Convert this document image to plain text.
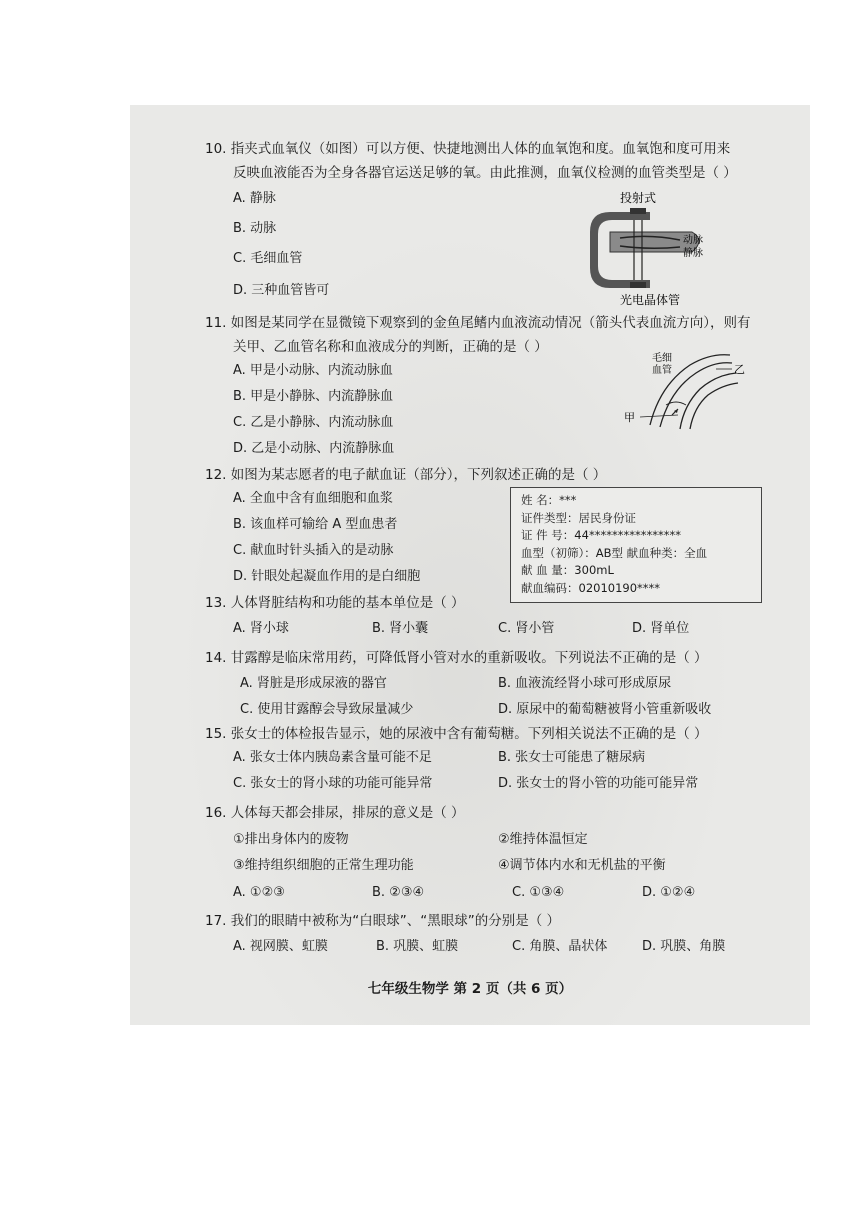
10. 指夹式血氧仪（如图）可以方便、快捷地测出人体的血氧饱和度。血氧饱和度可用来
反映血液能否为全身各器官运送足够的氧。由此推测，血氧仪检测的血管类型是（ ）
A. 静脉
B. 动脉
C. 毛细血管
D. 三种血管皆可
投射式
动脉
静脉
光电晶体管
11. 如图是某同学在显微镜下观察到的金鱼尾鳍内血液流动情况（箭头代表血流方向），则有
关甲、乙血管名称和血液成分的判断，正确的是（ ）
A. 甲是小动脉、内流动脉血
B. 甲是小静脉、内流静脉血
C. 乙是小静脉、内流动脉血
D. 乙是小动脉、内流静脉血
毛细
血管	乙
甲
12. 如图为某志愿者的电子献血证（部分），下列叙述正确的是（ ）
A. 全血中含有血细胞和血浆
B. 该血样可输给 A 型血患者
C. 献血时针头插入的是动脉
D. 针眼处起凝血作用的是白细胞
姓 名：***
证件类型：居民身份证
证 件 号：44****************
血型（初筛）：AB型 献血种类：全血
献 血 量：300mL
献血编码：02010190****
13. 人体肾脏结构和功能的基本单位是（ ）
A. 肾小球	B. 肾小囊	C. 肾小管	D. 肾单位
14. 甘露醇是临床常用药，可降低肾小管对水的重新吸收。下列说法不正确的是（ ）
A. 肾脏是形成尿液的器官	B. 血液流经肾小球可形成原尿
C. 使用甘露醇会导致尿量减少	D. 原尿中的葡萄糖被肾小管重新吸收
15. 张女士的体检报告显示，她的尿液中含有葡萄糖。下列相关说法不正确的是（ ）
A. 张女士体内胰岛素含量可能不足	B. 张女士可能患了糖尿病
C. 张女士的肾小球的功能可能异常	D. 张女士的肾小管的功能可能异常
16. 人体每天都会排尿，排尿的意义是（ ）
①排出身体内的废物	②维持体温恒定
③维持组织细胞的正常生理功能	④调节体内水和无机盐的平衡
A. ①②③	B. ②③④	C. ①③④	D. ①②④
17. 我们的眼睛中被称为“白眼球”、“黑眼球”的分别是（ ）
A. 视网膜、虹膜	B. 巩膜、虹膜	C. 角膜、晶状体	D. 巩膜、角膜
七年级生物学 第 2 页（共 6 页）
